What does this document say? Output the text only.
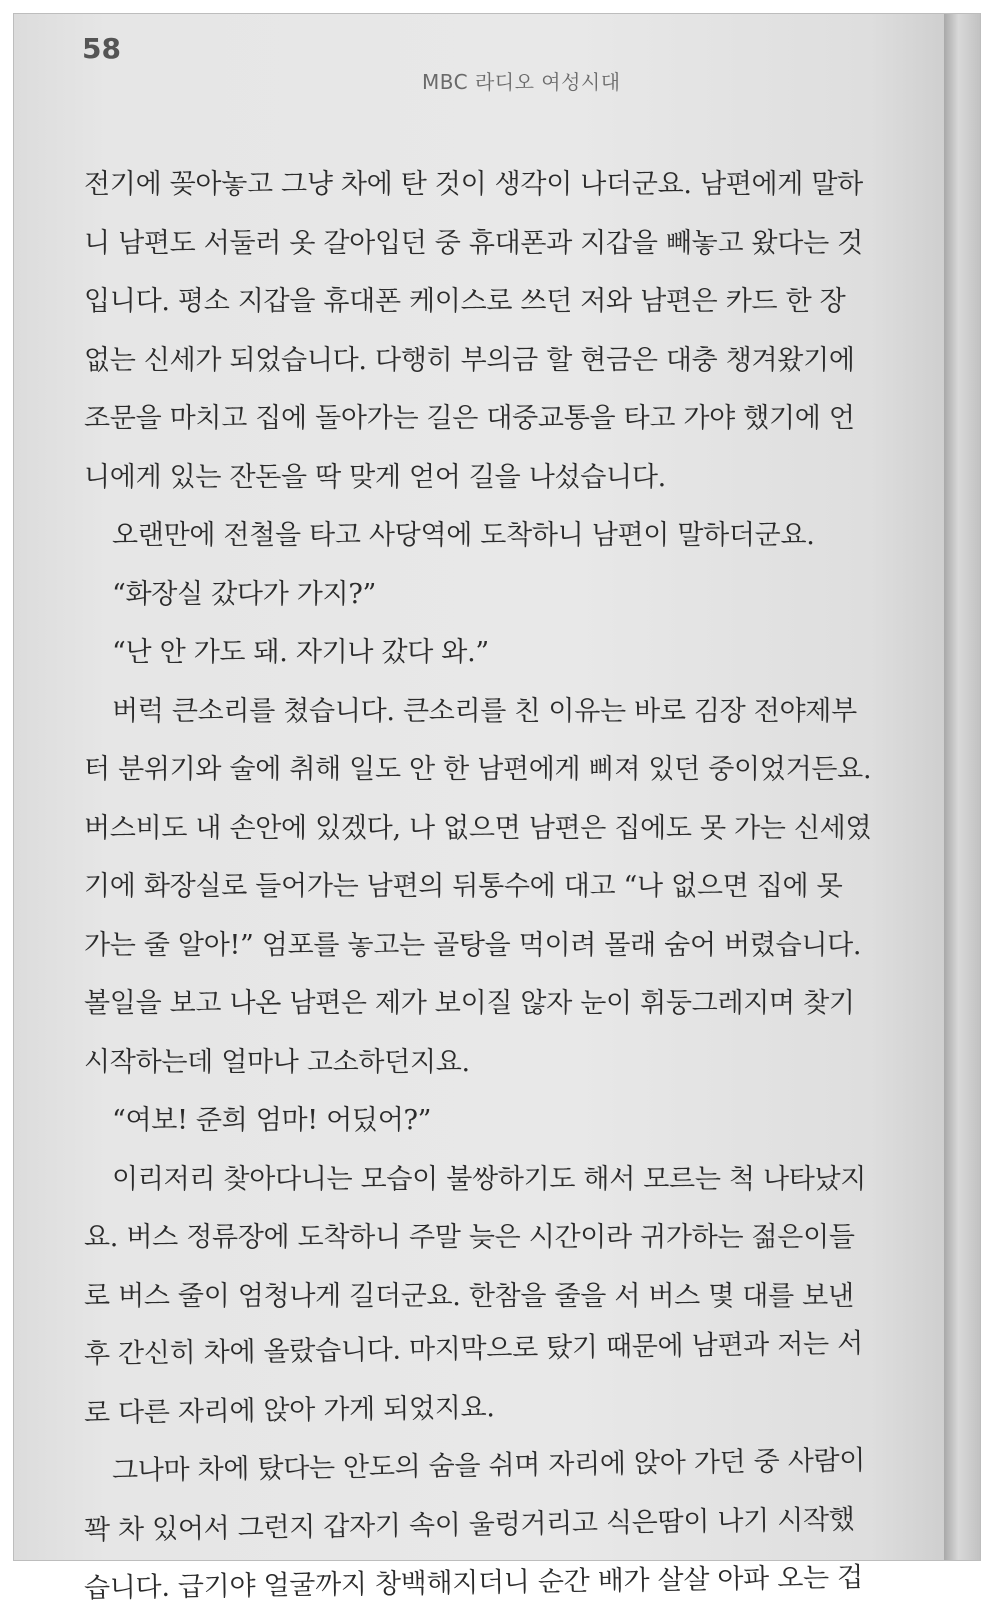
58
MBC 라디오 여성시대
전기에 꽂아놓고 그냥 차에 탄 것이 생각이 나더군요. 남편에게 말하
니 남편도 서둘러 옷 갈아입던 중 휴대폰과 지갑을 빼놓고 왔다는 것
입니다. 평소 지갑을 휴대폰 케이스로 쓰던 저와 남편은 카드 한 장
없는 신세가 되었습니다. 다행히 부의금 할 현금은 대충 챙겨왔기에
조문을 마치고 집에 돌아가는 길은 대중교통을 타고 가야 했기에 언
니에게 있는 잔돈을 딱 맞게 얻어 길을 나섰습니다.
오랜만에 전철을 타고 사당역에 도착하니 남편이 말하더군요.
“화장실 갔다가 가지?”
“난 안 가도 돼. 자기나 갔다 와.”
버럭 큰소리를 쳤습니다. 큰소리를 친 이유는 바로 김장 전야제부
터 분위기와 술에 취해 일도 안 한 남편에게 삐져 있던 중이었거든요.
버스비도 내 손안에 있겠다, 나 없으면 남편은 집에도 못 가는 신세였
기에 화장실로 들어가는 남편의 뒤통수에 대고 “나 없으면 집에 못
가는 줄 알아!” 엄포를 놓고는 골탕을 먹이려 몰래 숨어 버렸습니다.
볼일을 보고 나온 남편은 제가 보이질 않자 눈이 휘둥그레지며 찾기
시작하는데 얼마나 고소하던지요.
“여보! 준희 엄마! 어딨어?”
이리저리 찾아다니는 모습이 불쌍하기도 해서 모르는 척 나타났지
요. 버스 정류장에 도착하니 주말 늦은 시간이라 귀가하는 젊은이들
로 버스 줄이 엄청나게 길더군요. 한참을 줄을 서 버스 몇 대를 보낸
후 간신히 차에 올랐습니다. 마지막으로 탔기 때문에 남편과 저는 서
로 다른 자리에 앉아 가게 되었지요.
그나마 차에 탔다는 안도의 숨을 쉬며 자리에 앉아 가던 중 사람이
꽉 차 있어서 그런지 갑자기 속이 울렁거리고 식은땀이 나기 시작했
습니다. 급기야 얼굴까지 창백해지더니 순간 배가 살살 아파 오는 겁
